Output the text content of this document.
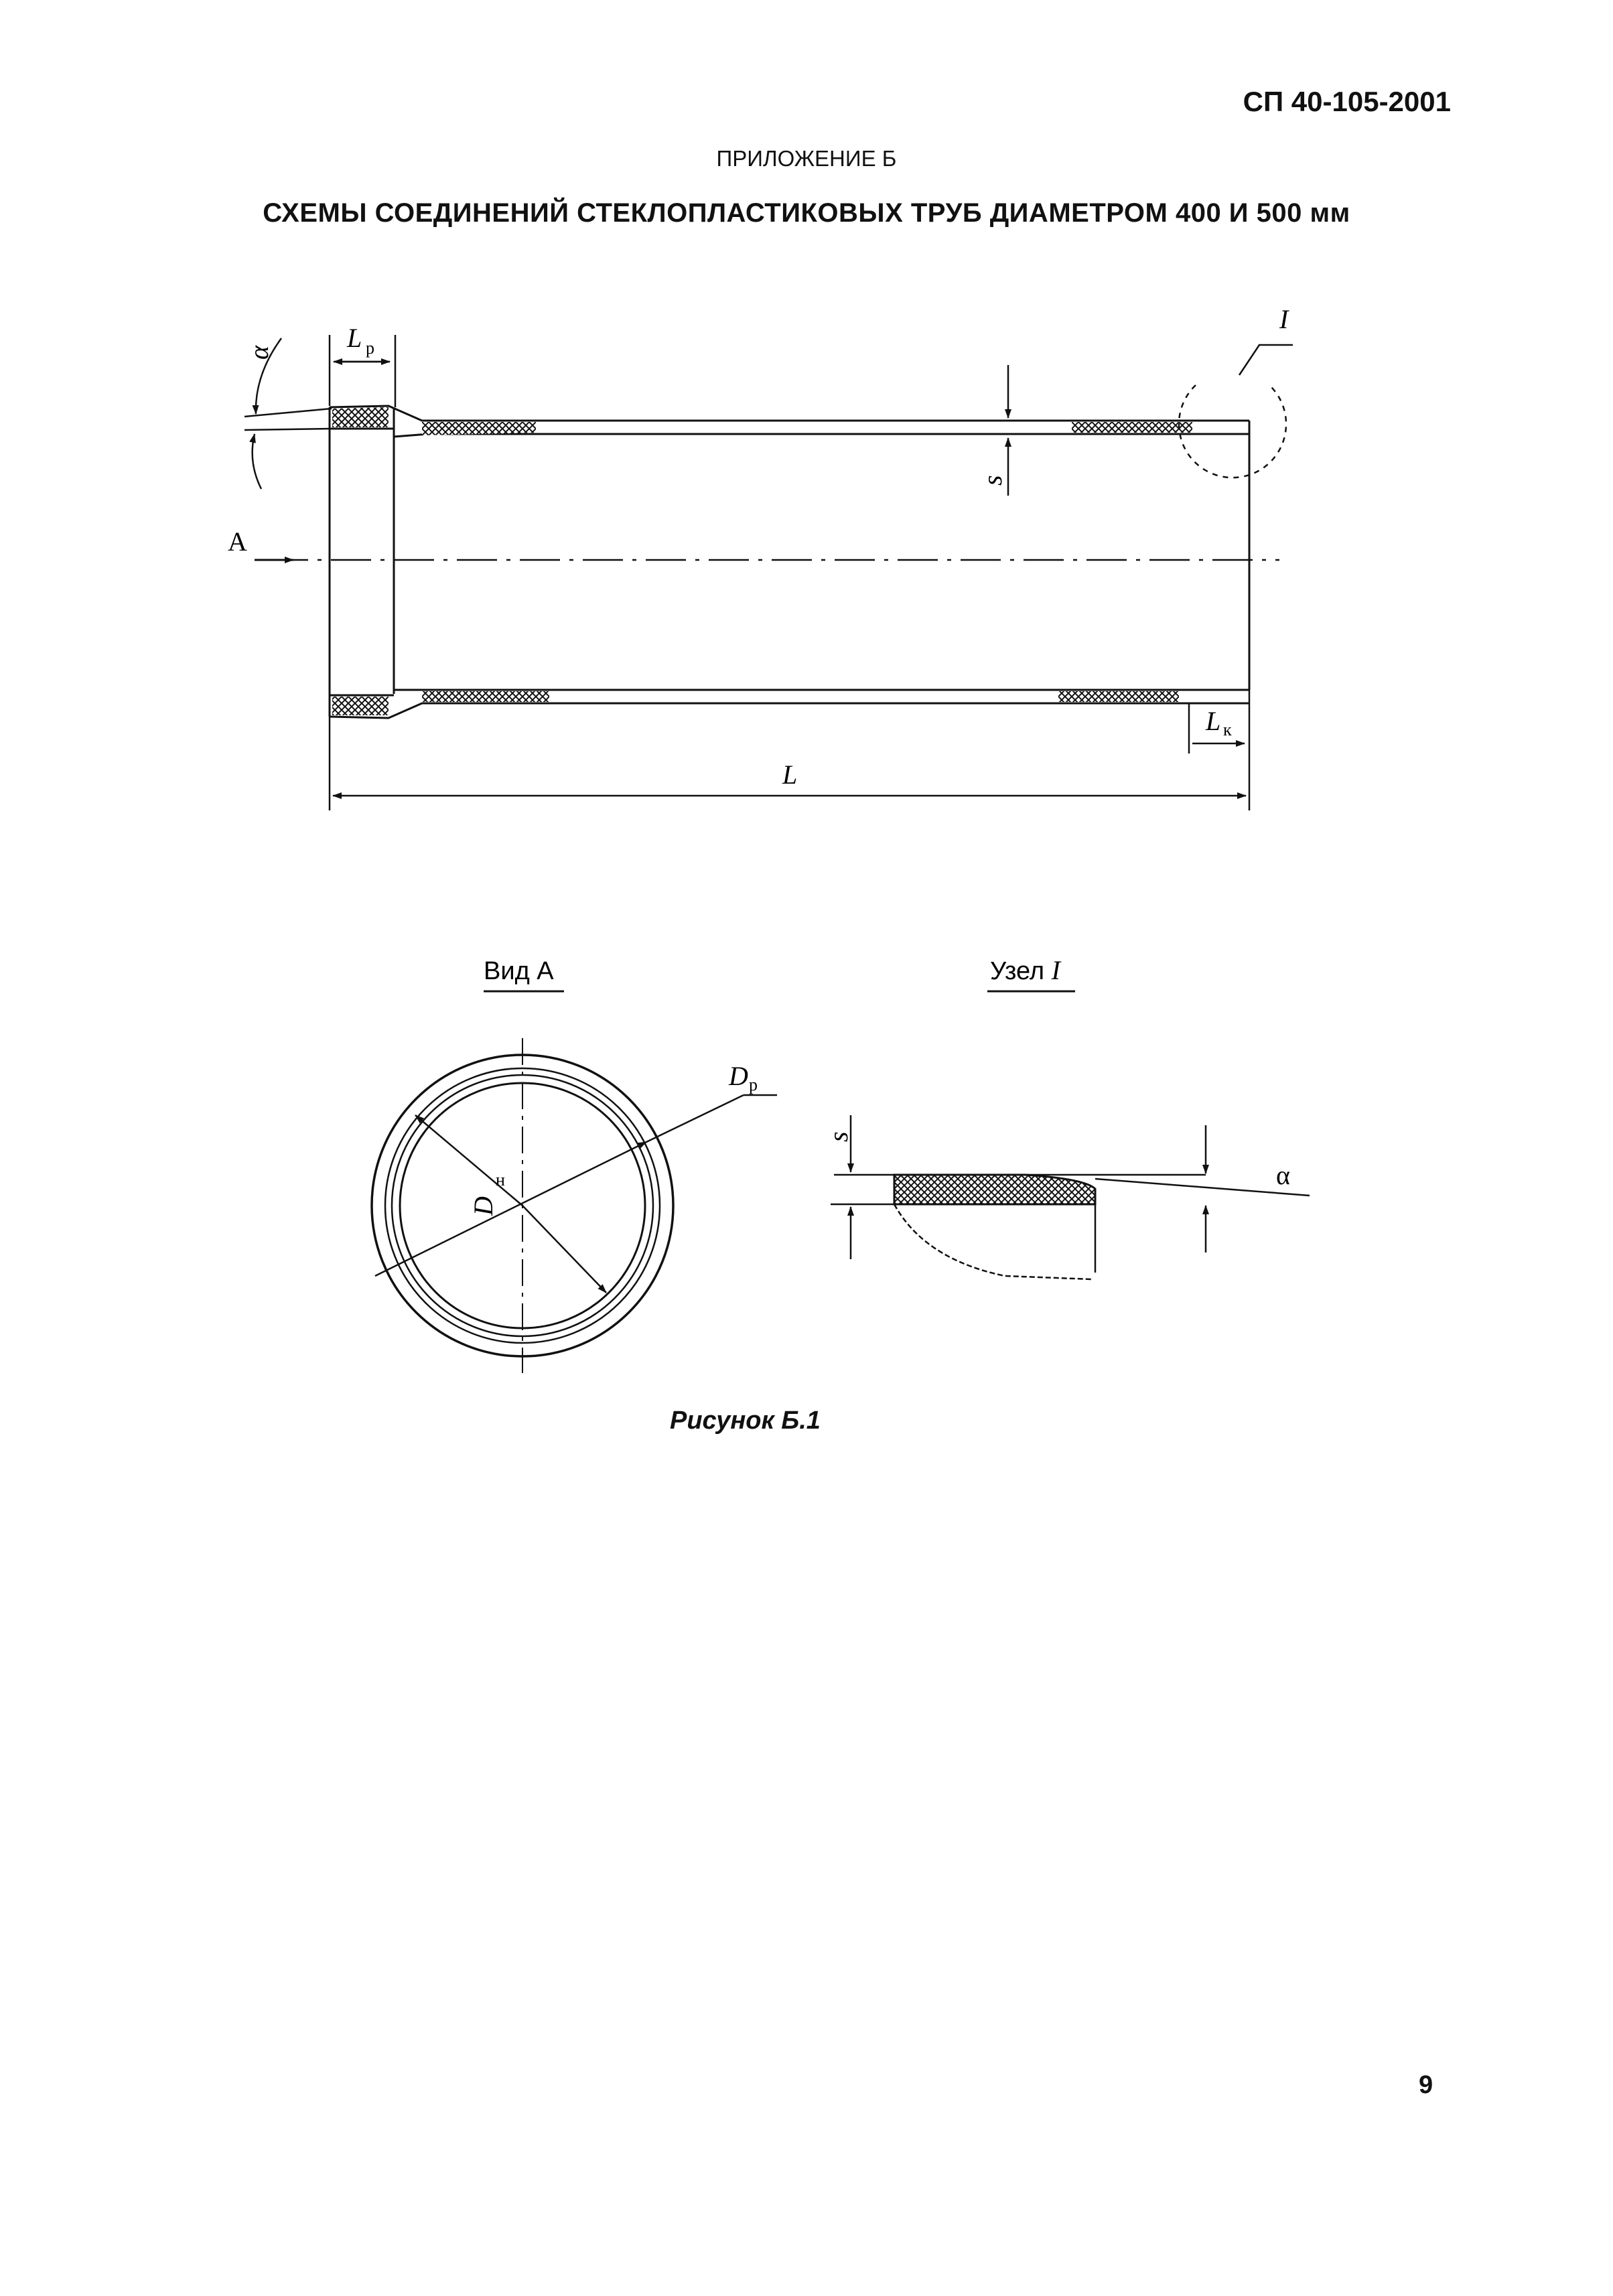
СП 40-105-2001
ПРИЛОЖЕНИЕ Б
СХЕМЫ СОЕДИНЕНИЙ СТЕКЛОПЛАСТИКОВЫХ ТРУБ ДИАМЕТРОМ 400 И 500 мм
А
L р
α
I
s
L к
L
Вид А
D р
D
н
Узел I
s
α
Рисунок Б.1
9
